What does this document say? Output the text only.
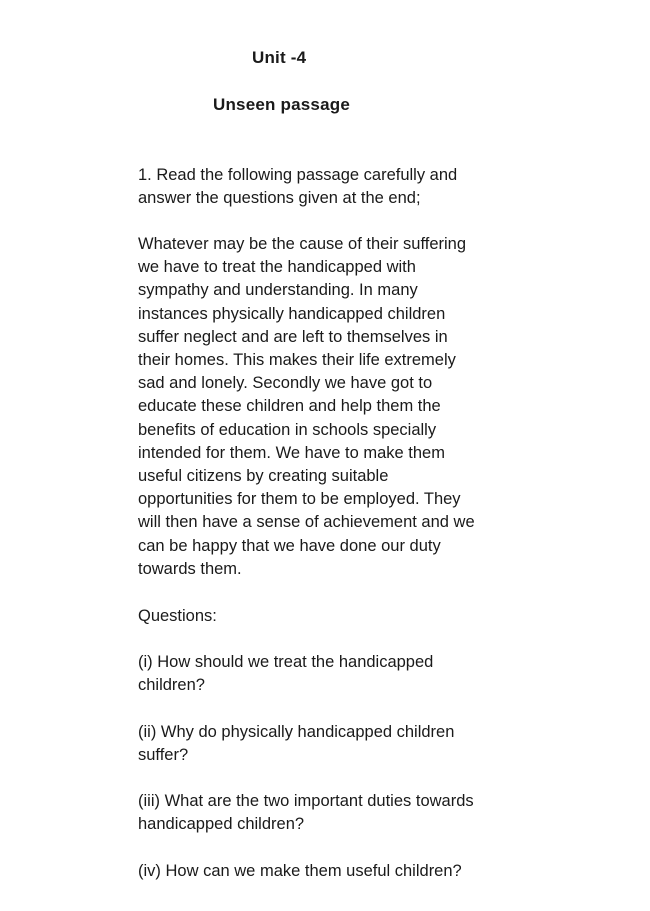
Unit -4
Unseen passage

1. Read the following passage carefully and
answer the questions given at the end;

Whatever may be the cause of their suffering
we have to treat the handicapped with
sympathy and understanding. In many
instances physically handicapped children
suffer neglect and are left to themselves in
their homes. This makes their life extremely
sad and lonely. Secondly we have got to
educate these children and help them the
benefits of education in schools specially
intended for them. We have to make them
useful citizens by creating suitable
opportunities for them to be employed. They
will then have a sense of achievement and we
can be happy that we have done our duty
towards them.

Questions:

(i) How should we treat the handicapped
children?

(ii) Why do physically handicapped children
suffer?

(iii) What are the two important duties towards
handicapped children?

(iv) How can we make them useful children?
